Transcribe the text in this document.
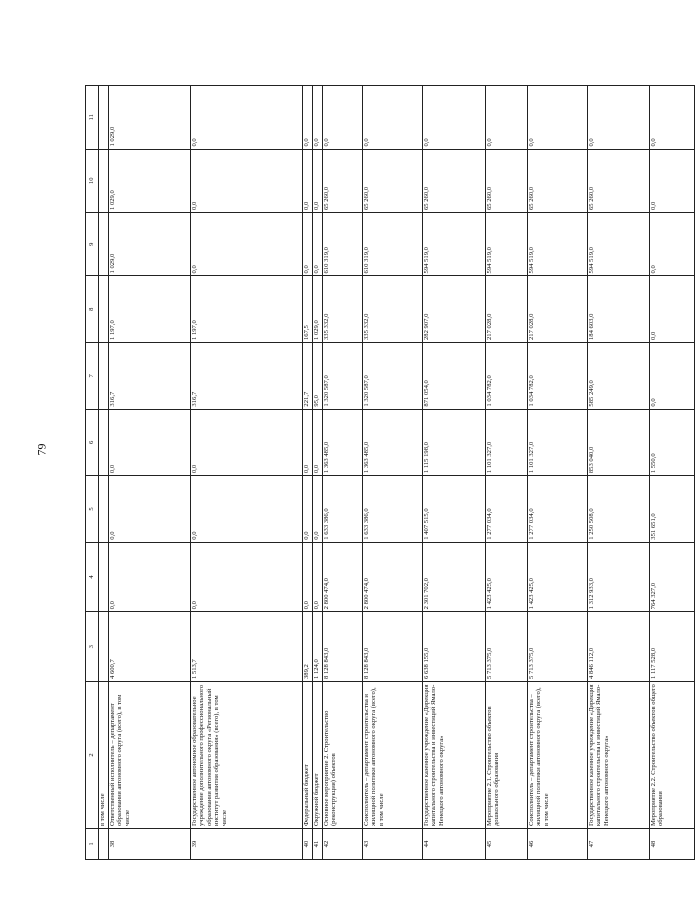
79
1	2	3	4	5	6	7	8	9	10	11
	в том числе									
38	Ответственный исполнитель – департамент образования автономного округа (всего), в том числе	4 600,7	0,0	0,0	0,0	316,7	1 197,0	1 029,0	1 029,0	1 029,0
39	Государственное автономное образовательное учреждение дополнительного профессионального образования автономного округа «Региональный институт развития образования» (всего), в том числе	1 513,7	0,0	0,0	0,0	316,7	1 197,0	0,0	0,0	0,0
40	Федеральный бюджет	389,2	0,0	0,0	0,0	221,7	167,5	0,0	0,0	0,0
41	Окружной бюджет	1 124,0	0,0	0,0	0,0	95,0	1 029,0	0,0	0,0	0,0
42	Основное мероприятие 2. Строительство (реконструкция) объектов	8 128 843,0	2 800 474,0	1 633 386,0	1 363 485,0	1 320 587,0	335 332,0	610 319,0	65 260,0	0,0
43	Соисполнитель – департамент строительства и жилищной политики автономного округа (всего), в том числе	8 128 843,0	2 800 474,0	1 633 386,0	1 363 485,0	1 320 587,0	335 332,0	610 319,0	65 260,0	0,0
44	Государственное казенное учреждение «Дирекция капитального строительства и инвестиций Ямало-Ненецкого автономного округа»	6 638 155,0	2 301 702,0	1 407 515,0	1 115 198,0	871 054,0	282 907,0	594 519,0	65 260,0	0,0
45	Мероприятие 2.1. Строительство объектов дошкольного образования	5 713 375,0	1 423 425,0	1 277 034,0	1 101 327,0	1 034 782,0	217 028,0	594 519,0	65 260,0	0,0
46	Соисполнитель – департамент строительства – жилищной политики автономного округа (всего), в том числе	5 713 375,0	1 423 425,0	1 277 034,0	1 101 327,0	1 034 782,0	217 028,0	594 519,0	65 260,0	0,0
47	Государственное казенное учреждение «Дирекция капитального строительства и инвестиций Ямало-Ненецкого автономного округа»	4 846 112,0	1 312 933,0	1 250 508,0	853 040,0	585 249,0	184 603,0	594 519,0	65 260,0	0,0
48	Мероприятие 2.2. Строительство объектов общего образования	1 117 528,0	764 327,0	351 651,0	1 550,0	0,0	0,0	0,0	0,0	0,0
